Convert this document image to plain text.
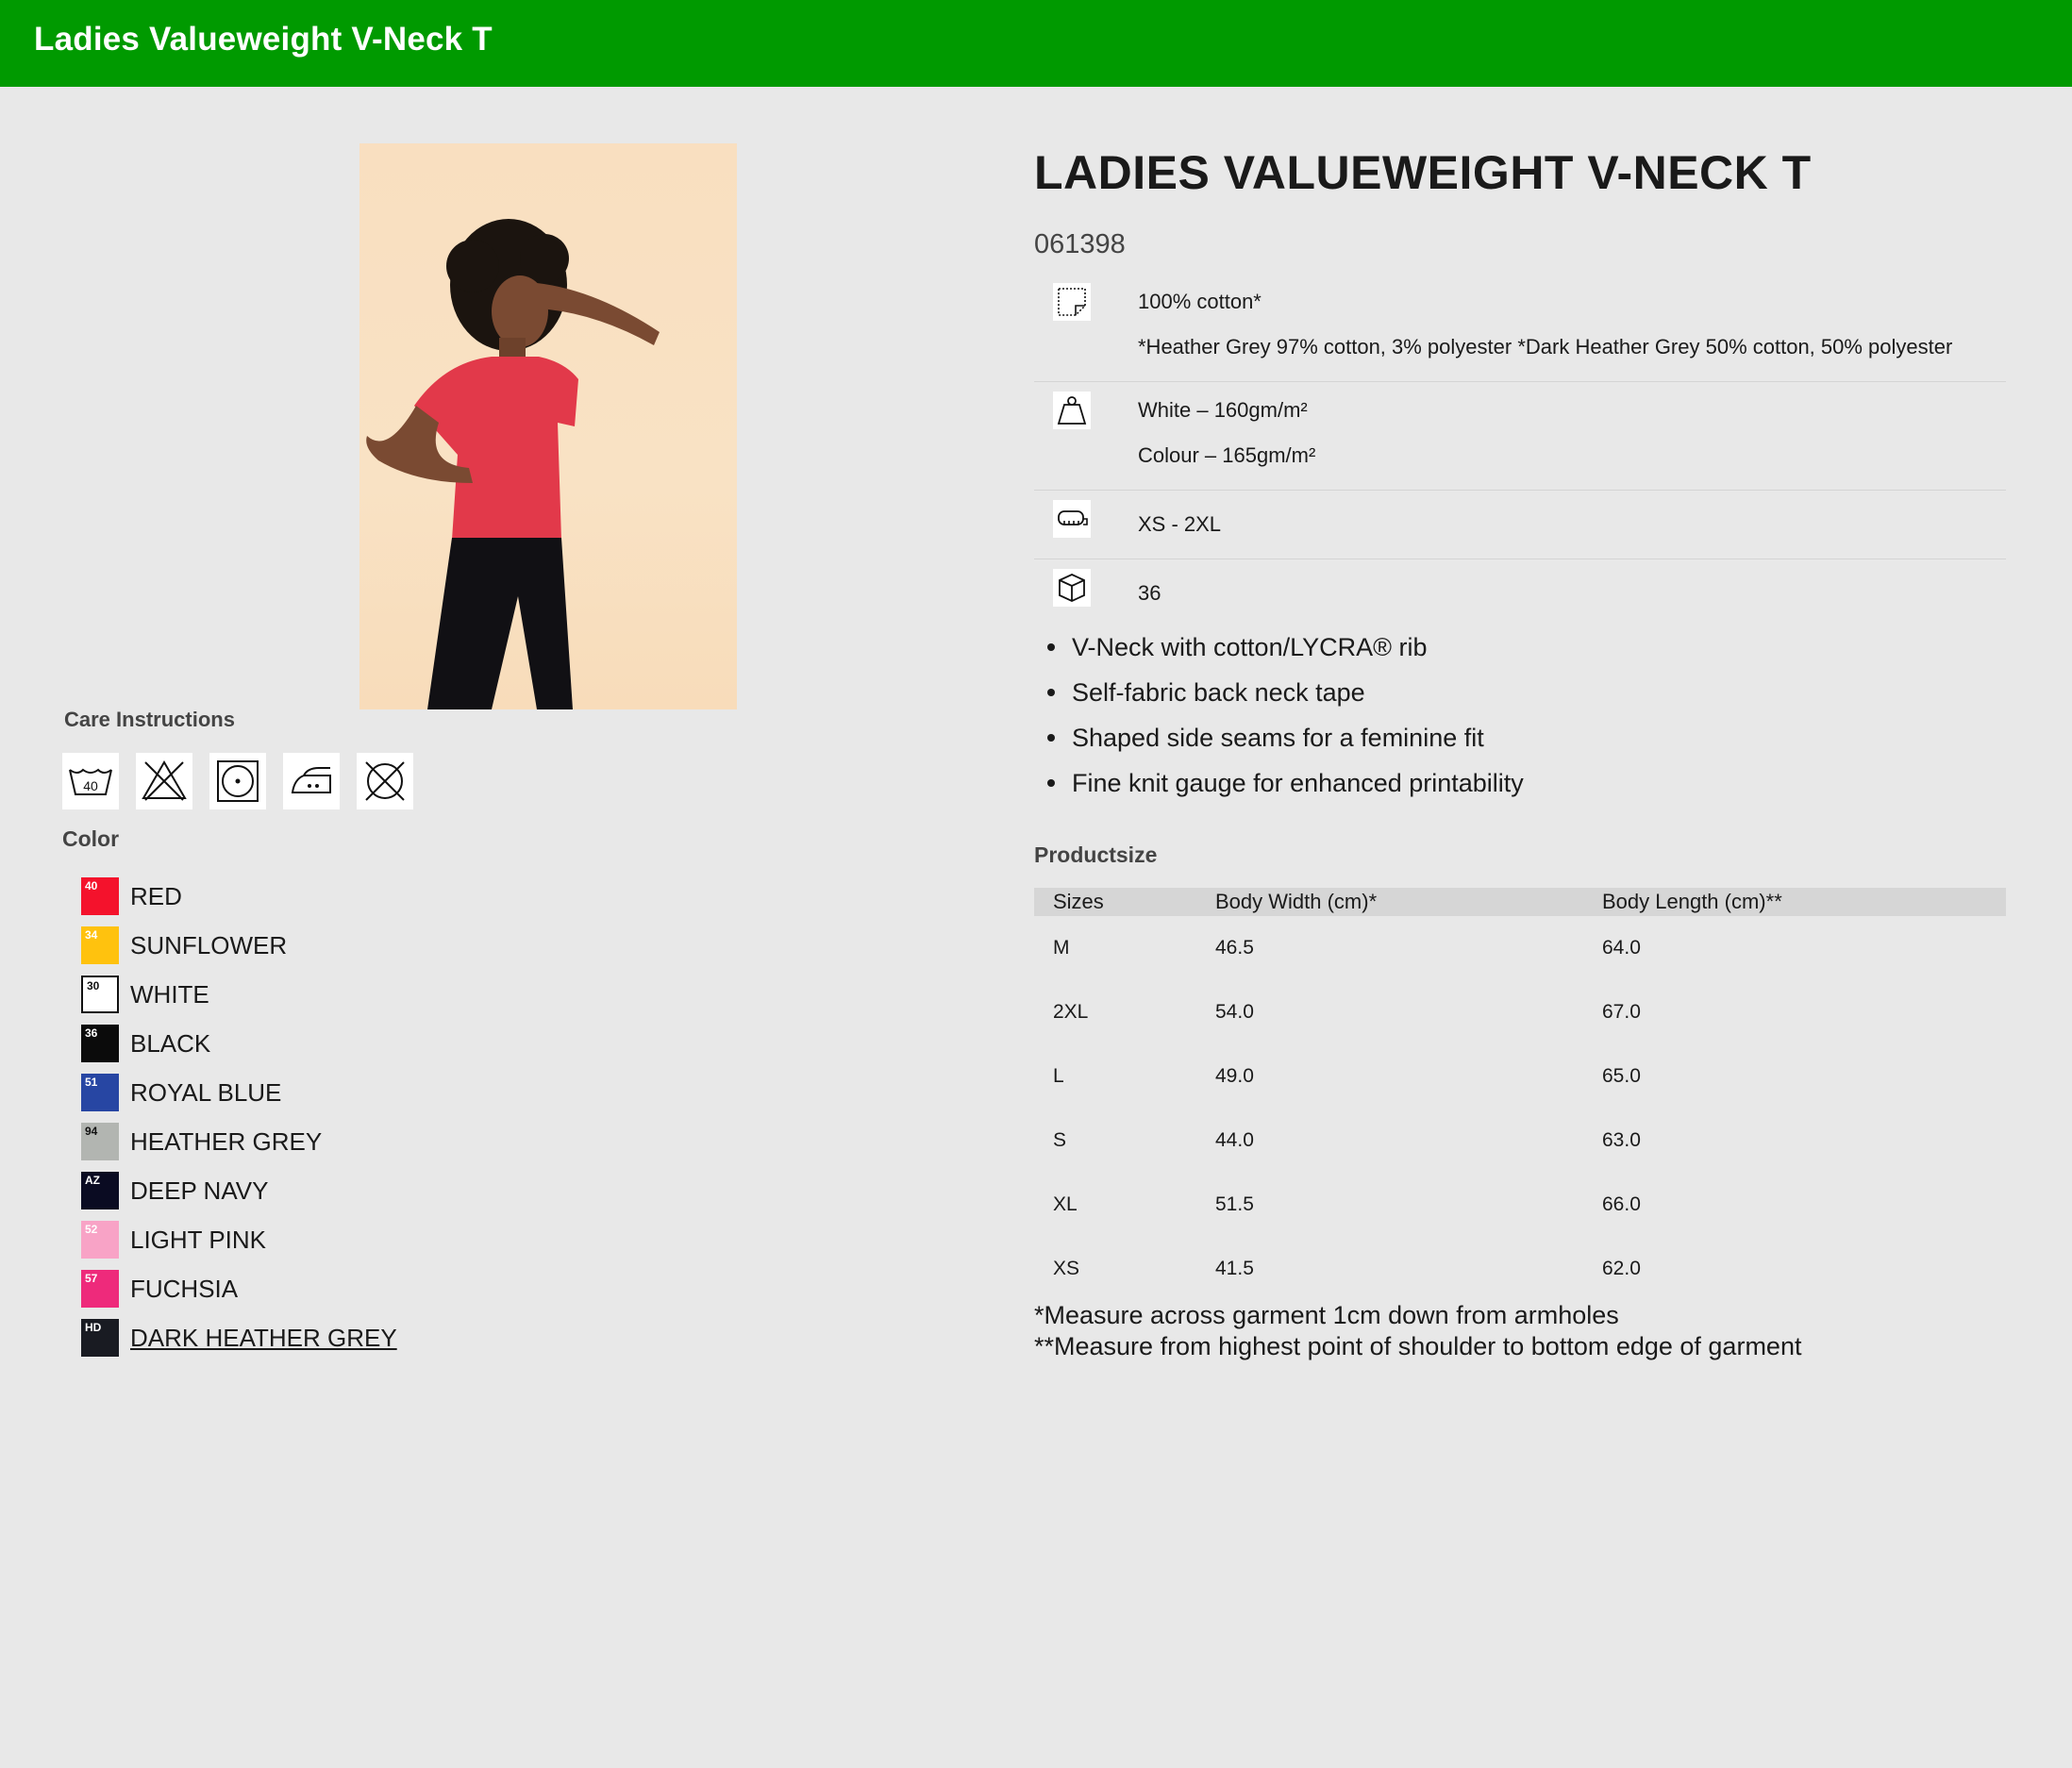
Ladies Valueweight V-Neck T
Care Instructions
40
Color
40 RED
34 SUNFLOWER
30 WHITE
36 BLACK
51 ROYAL BLUE
94 HEATHER GREY
AZ DEEP NAVY
52 LIGHT PINK
57 FUCHSIA
HD DARK HEATHER GREY
LADIES VALUEWEIGHT V-NECK T
061398
100% cotton*
*Heather Grey 97% cotton, 3% polyester *Dark Heather Grey 50% cotton, 50% polyester
White – 160gm/m²
Colour – 165gm/m²
XS - 2XL
36
V-Neck with cotton/LYCRA® rib
Self-fabric back neck tape
Shaped side seams for a feminine fit
Fine knit gauge for enhanced printability
Productsize
Sizes	Body Width (cm)*	Body Length (cm)**
M	46.5	64.0
2XL	54.0	67.0
L	49.0	65.0
S	44.0	63.0
XL	51.5	66.0
XS	41.5	62.0
*Measure across garment 1cm down from armholes
**Measure from highest point of shoulder to bottom edge of garment
